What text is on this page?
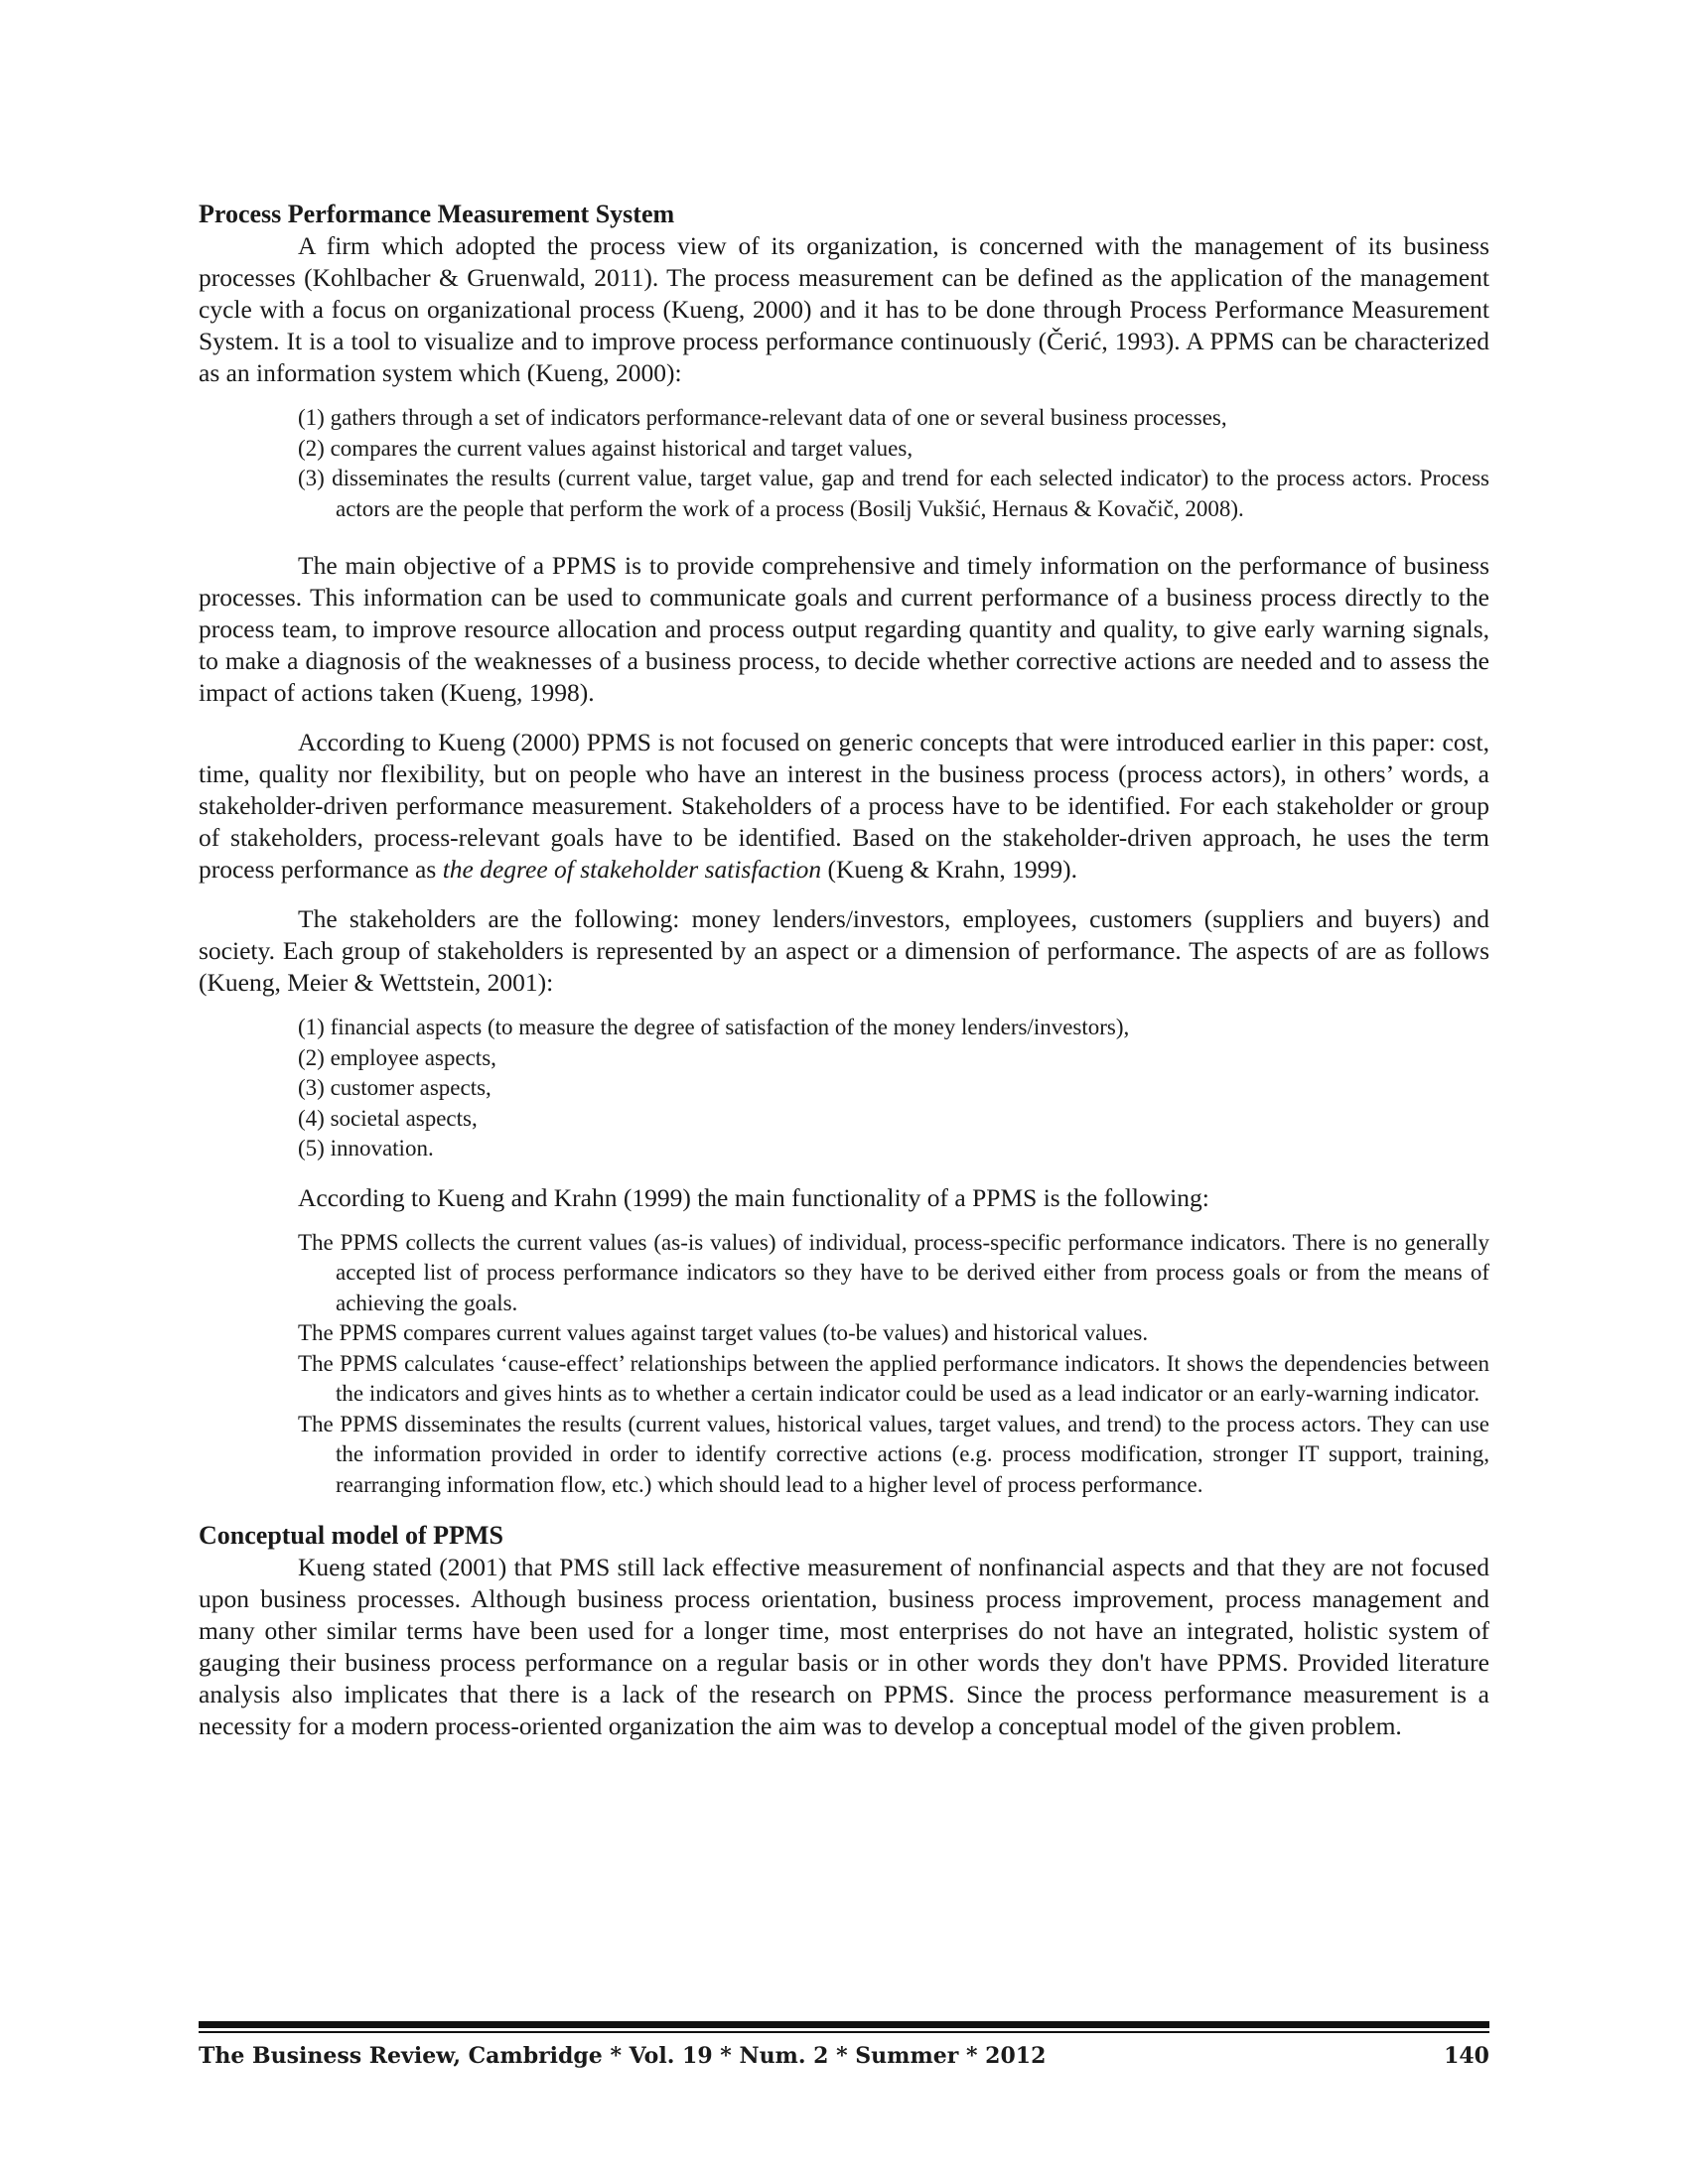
Process Performance Measurement System

A firm which adopted the process view of its organization, is concerned with the management of its business processes (Kohlbacher & Gruenwald, 2011). The process measurement can be defined as the application of the management cycle with a focus on organizational process (Kueng, 2000) and it has to be done through Process Performance Measurement System. It is a tool to visualize and to improve process performance continuously (Čerić, 1993). A PPMS can be characterized as an information system which (Kueng, 2000):

(1) gathers through a set of indicators performance-relevant data of one or several business processes,
(2) compares the current values against historical and target values,
(3) disseminates the results (current value, target value, gap and trend for each selected indicator) to the process actors. Process actors are the people that perform the work of a process (Bosilj Vukšić, Hernaus & Kovačič, 2008).

The main objective of a PPMS is to provide comprehensive and timely information on the performance of business processes. This information can be used to communicate goals and current performance of a business process directly to the process team, to improve resource allocation and process output regarding quantity and quality, to give early warning signals, to make a diagnosis of the weaknesses of a business process, to decide whether corrective actions are needed and to assess the impact of actions taken (Kueng, 1998).

According to Kueng (2000) PPMS is not focused on generic concepts that were introduced earlier in this paper: cost, time, quality nor flexibility, but on people who have an interest in the business process (process actors), in others’ words, a stakeholder-driven performance measurement. Stakeholders of a process have to be identified. For each stakeholder or group of stakeholders, process-relevant goals have to be identified. Based on the stakeholder-driven approach, he uses the term process performance as the degree of stakeholder satisfaction (Kueng & Krahn, 1999).

The stakeholders are the following: money lenders/investors, employees, customers (suppliers and buyers) and society. Each group of stakeholders is represented by an aspect or a dimension of performance. The aspects of are as follows (Kueng, Meier & Wettstein, 2001):

(1) financial aspects (to measure the degree of satisfaction of the money lenders/investors),
(2) employee aspects,
(3) customer aspects,
(4) societal aspects,
(5) innovation.

According to Kueng and Krahn (1999) the main functionality of a PPMS is the following:

The PPMS collects the current values (as-is values) of individual, process-specific performance indicators. There is no generally accepted list of process performance indicators so they have to be derived either from process goals or from the means of achieving the goals.
The PPMS compares current values against target values (to-be values) and historical values.
The PPMS calculates ‘cause-effect’ relationships between the applied performance indicators. It shows the dependencies between the indicators and gives hints as to whether a certain indicator could be used as a lead indicator or an early-warning indicator.
The PPMS disseminates the results (current values, historical values, target values, and trend) to the process actors. They can use the information provided in order to identify corrective actions (e.g. process modification, stronger IT support, training, rearranging information flow, etc.) which should lead to a higher level of process performance.
Conceptual model of PPMS

Kueng stated (2001) that PMS still lack effective measurement of nonfinancial aspects and that they are not focused upon business processes. Although business process orientation, business process improvement, process management and many other similar terms have been used for a longer time, most enterprises do not have an integrated, holistic system of gauging their business process performance on a regular basis or in other words they don't have PPMS. Provided literature analysis also implicates that there is a lack of the research on PPMS. Since the process performance measurement is a necessity for a modern process-oriented organization the aim was to develop a conceptual model of the given problem.

The Business Review, Cambridge * Vol. 19 * Num. 2 * Summer * 2012	140
